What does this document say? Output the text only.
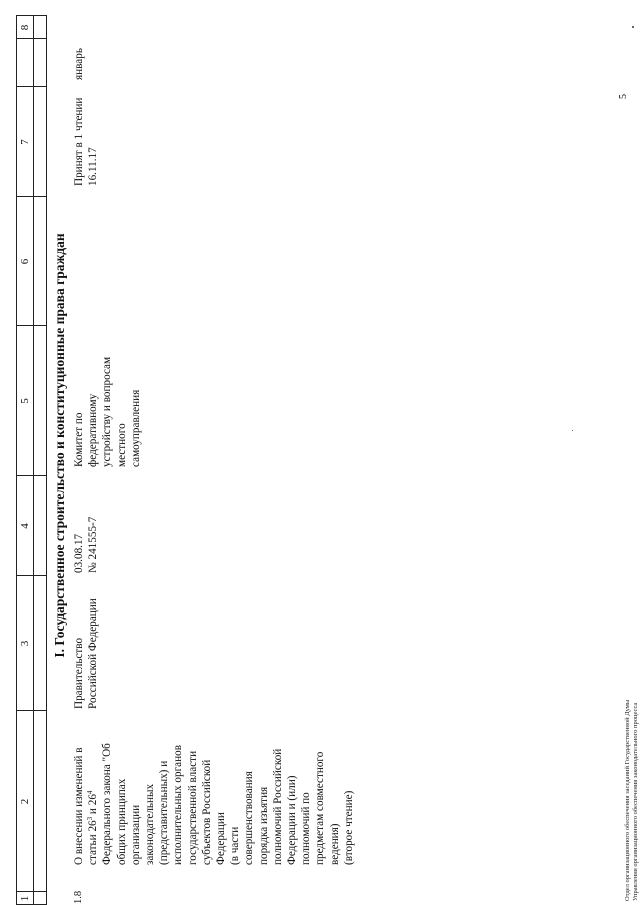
1
2
3
4
5
6
7
8
I. Государственное строительство и конституционные права граждан
1.8
О внесении изменений в статьи $26^3$ и $26^4$ Федерального закона "Об общих принципах организации законодательных (представительных) и исполнительных органов государственной власти субъектов Российской Федерации (в части совершенствования порядка изъятия полномочий Российской Федерации и (или) полномочий по предметам совместного ведения) (второе чтение)
Правительство Российской Федерации
03.08.17 № 241555-7
Комитет по федеративному устройству и вопросам местного самоуправления
Принят в 1 чтении 16.11.17
январь
Отдел организационного обеспечения заседаний Государственной Думы Управления организационного обеспечения законодательного процесса
5
